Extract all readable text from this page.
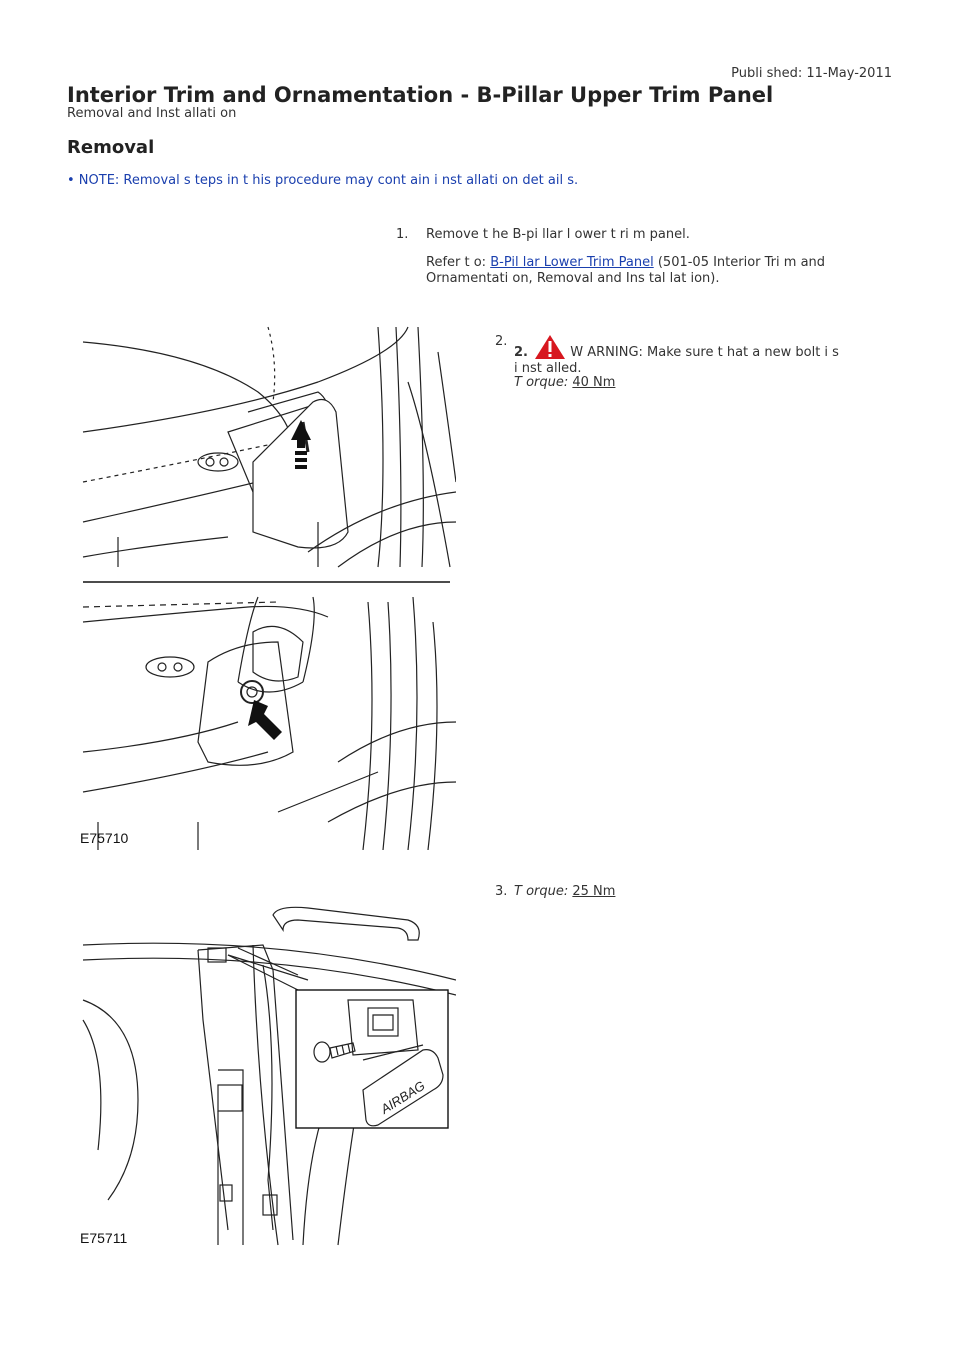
Publi shed: 11-May-2011
Interior Trim and Ornamentation - B-Pillar Upper Trim Panel
Removal and Inst allati on
Removal
• NOTE: Removal s teps in t his procedure may cont ain i nst allati on det ail s.
1. Remove t he B-pi llar l ower t ri m panel.
Refer t o: B-Pil lar Lower Trim Panel (501-05 Interior Tri m and
Ornamentati on, Removal and Ins tal lat ion).
2.
2.	W ARNING: Make sure t hat a new bolt i s
i nst alled.
T orque: 40 Nm
E75710
3. T orque: 25 Nm
AIRBAG
E75711
